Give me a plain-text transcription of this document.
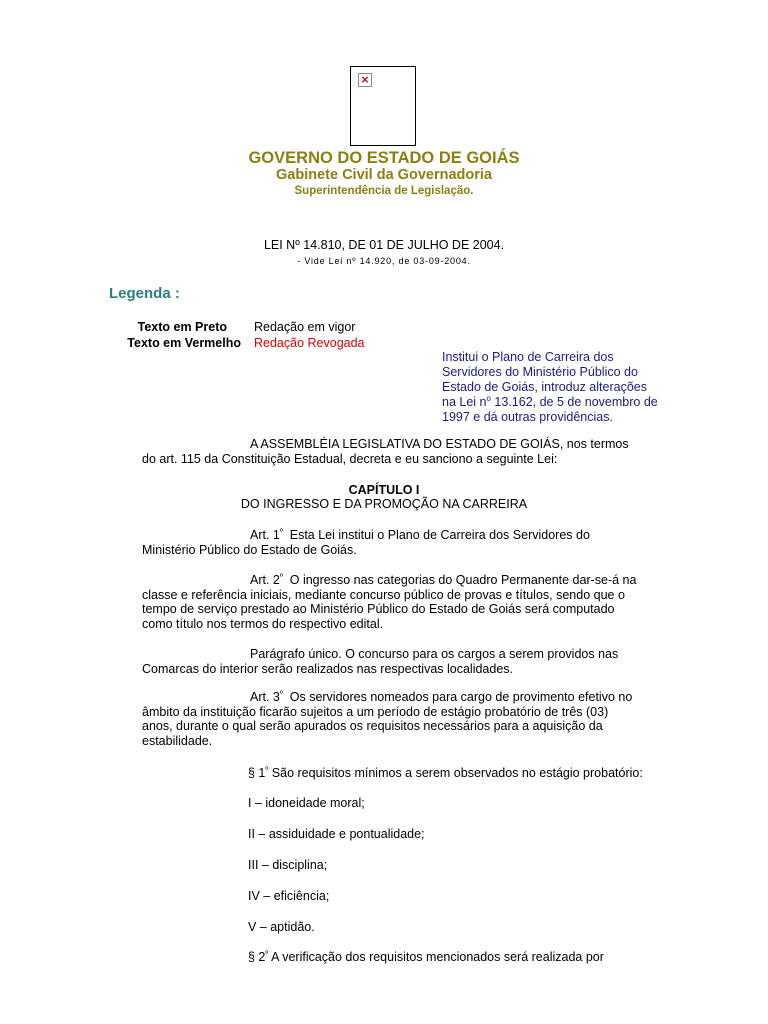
×
GOVERNO DO ESTADO DE GOIÁS
Gabinete Civil da Governadoria
Superintendência de Legislação.
LEI Nº 14.810, DE 01 DE JULHO DE 2004.
- Vide Lei nº 14.920, de 03-09-2004.
Legenda :
Texto em Preto Redação em vigor
Texto em Vermelho Redação Revogada
Institui o Plano de Carreira dos Servidores do Ministério Público do Estado de Goiás, introduz alterações na Lei $n^o$ 13.162, de 5 de novembro de 1997 e dá outras providências.
A ASSEMBLÉIA LEGISLATIVA DO ESTADO DE GOIÁS, nos termos do art. 115 da Constituição Estadual, decreta e eu sanciono a seguinte Lei:
CAPÍTULO I
DO INGRESSO E DA PROMOÇÃO NA CARREIRA
Art. $1^º$  Esta Lei institui o Plano de Carreira dos Servidores do Ministério Público do Estado de Goiás.
Art. $2^º$  O ingresso nas categorias do Quadro Permanente dar-se-á na classe e referência iniciais, mediante concurso público de provas e títulos, sendo que o tempo de serviço prestado ao Ministério Público do Estado de Goiás será computado como título nos termos do respectivo edital.
Parágrafo único. O concurso para os cargos a serem providos nas Comarcas do interior serão realizados nas respectivas localidades.
Art. $3^º$  Os servidores nomeados para cargo de provimento efetivo no âmbito da instituição ficarão sujeitos a um período de estágio probatório de três (03) anos, durante o qual serão apurados os requisitos necessários para a aquisição da estabilidade.
§ $1^º$ São requisitos mínimos a serem observados no estágio probatório:
I – idoneidade moral;
II – assiduidade e pontualidade;
III – disciplina;
IV – eficiência;
V – aptidão.
§ $2^º$ A verificação dos requisitos mencionados será realizada por
